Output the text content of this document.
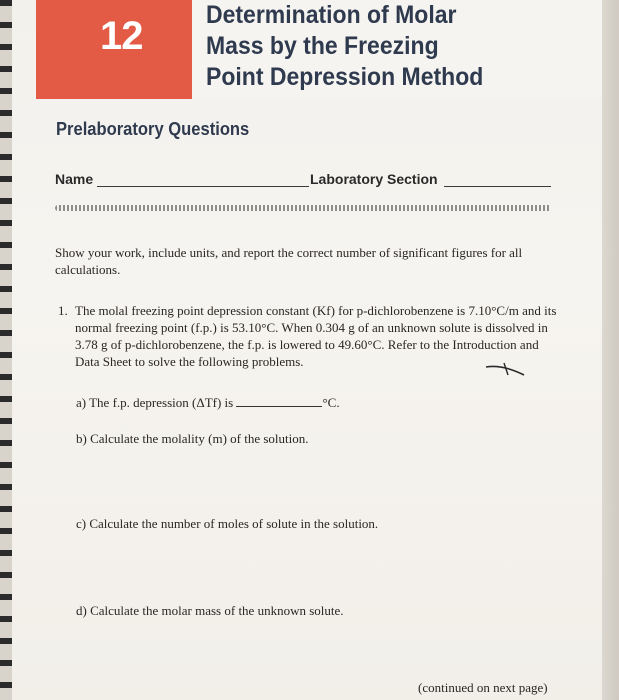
12	Determination of Molar
Mass by the Freezing
Point Depression Method
Prelaboratory Questions
Name	Laboratory Section
Show your work, include units, and report the correct number of significant figures for all calculations.
1. The molal freezing point depression constant (Kf) for p-dichlorobenzene is 7.10°C/m and its normal freezing point (f.p.) is 53.10°C. When 0.304 g of an unknown solute is dissolved in 3.78 g of p-dichlorobenzene, the f.p. is lowered to 49.60°C. Refer to the Introduction and Data Sheet to solve the following problems.
a) The f.p. depression (ΔTf) is	°C.
b) Calculate the molality (m) of the solution.
c) Calculate the number of moles of solute in the solution.
d) Calculate the molar mass of the unknown solute.
(continued on next page)
